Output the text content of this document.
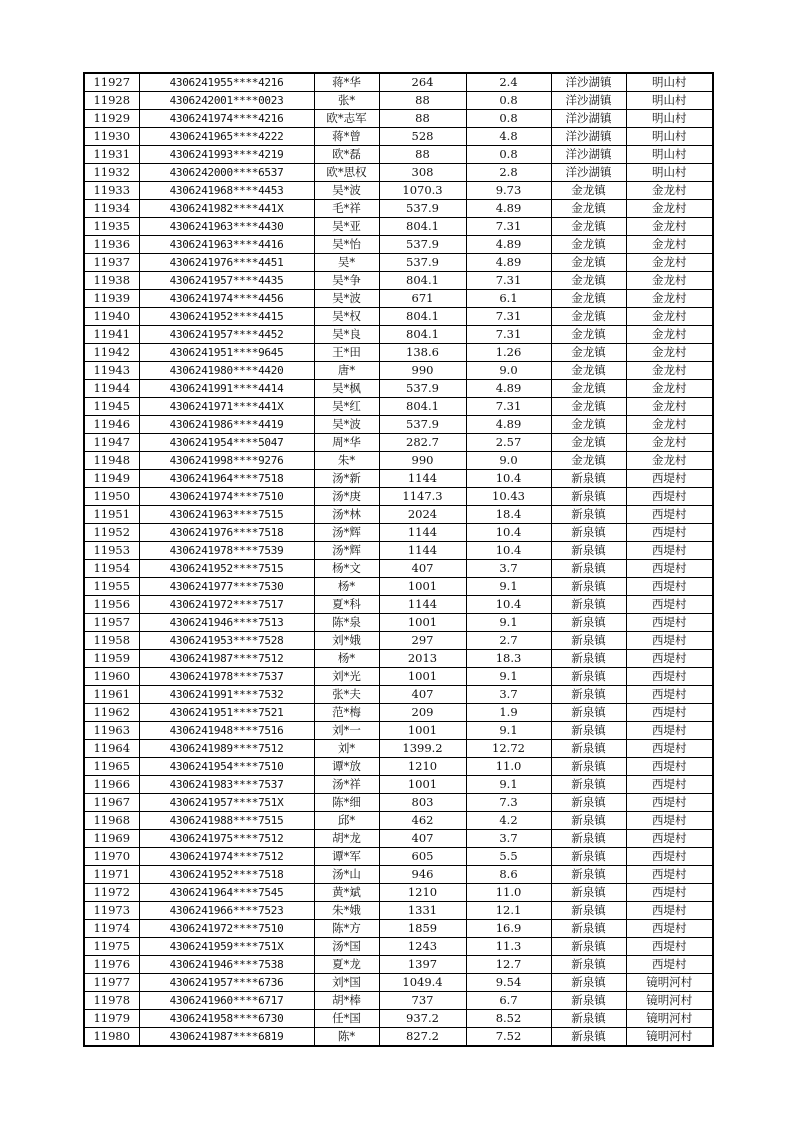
11927	4306241955****4216	蒋*华	264	2.4	洋沙湖镇	明山村
11928	4306242001****0023	张*	88	0.8	洋沙湖镇	明山村
11929	4306241974****4216	欧*志军	88	0.8	洋沙湖镇	明山村
11930	4306241965****4222	蒋*曾	528	4.8	洋沙湖镇	明山村
11931	4306241993****4219	欧*磊	88	0.8	洋沙湖镇	明山村
11932	4306242000****6537	欧*思权	308	2.8	洋沙湖镇	明山村
11933	4306241968****4453	吴*波	1070.3	9.73	金龙镇	金龙村
11934	4306241982****441X	毛*祥	537.9	4.89	金龙镇	金龙村
11935	4306241963****4430	吴*亚	804.1	7.31	金龙镇	金龙村
11936	4306241963****4416	吴*怡	537.9	4.89	金龙镇	金龙村
11937	4306241976****4451	吴*	537.9	4.89	金龙镇	金龙村
11938	4306241957****4435	吴*争	804.1	7.31	金龙镇	金龙村
11939	4306241974****4456	吴*波	671	6.1	金龙镇	金龙村
11940	4306241952****4415	吴*权	804.1	7.31	金龙镇	金龙村
11941	4306241957****4452	吴*良	804.1	7.31	金龙镇	金龙村
11942	4306241951****9645	王*田	138.6	1.26	金龙镇	金龙村
11943	4306241980****4420	唐*	990	9.0	金龙镇	金龙村
11944	4306241991****4414	吴*枫	537.9	4.89	金龙镇	金龙村
11945	4306241971****441X	吴*红	804.1	7.31	金龙镇	金龙村
11946	4306241986****4419	吴*波	537.9	4.89	金龙镇	金龙村
11947	4306241954****5047	周*华	282.7	2.57	金龙镇	金龙村
11948	4306241998****9276	朱*	990	9.0	金龙镇	金龙村
11949	4306241964****7518	汤*新	1144	10.4	新泉镇	西堤村
11950	4306241974****7510	汤*庚	1147.3	10.43	新泉镇	西堤村
11951	4306241963****7515	汤*林	2024	18.4	新泉镇	西堤村
11952	4306241976****7518	汤*辉	1144	10.4	新泉镇	西堤村
11953	4306241978****7539	汤*辉	1144	10.4	新泉镇	西堤村
11954	4306241952****7515	杨*文	407	3.7	新泉镇	西堤村
11955	4306241977****7530	杨*	1001	9.1	新泉镇	西堤村
11956	4306241972****7517	夏*科	1144	10.4	新泉镇	西堤村
11957	4306241946****7513	陈*泉	1001	9.1	新泉镇	西堤村
11958	4306241953****7528	刘*娥	297	2.7	新泉镇	西堤村
11959	4306241987****7512	杨*	2013	18.3	新泉镇	西堤村
11960	4306241978****7537	刘*光	1001	9.1	新泉镇	西堤村
11961	4306241991****7532	张*夫	407	3.7	新泉镇	西堤村
11962	4306241951****7521	范*梅	209	1.9	新泉镇	西堤村
11963	4306241948****7516	刘*一	1001	9.1	新泉镇	西堤村
11964	4306241989****7512	刘*	1399.2	12.72	新泉镇	西堤村
11965	4306241954****7510	谭*放	1210	11.0	新泉镇	西堤村
11966	4306241983****7537	汤*祥	1001	9.1	新泉镇	西堤村
11967	4306241957****751X	陈*细	803	7.3	新泉镇	西堤村
11968	4306241988****7515	邱*	462	4.2	新泉镇	西堤村
11969	4306241975****7512	胡*龙	407	3.7	新泉镇	西堤村
11970	4306241974****7512	谭*军	605	5.5	新泉镇	西堤村
11971	4306241952****7518	汤*山	946	8.6	新泉镇	西堤村
11972	4306241964****7545	黄*斌	1210	11.0	新泉镇	西堤村
11973	4306241966****7523	朱*娥	1331	12.1	新泉镇	西堤村
11974	4306241972****7510	陈*方	1859	16.9	新泉镇	西堤村
11975	4306241959****751X	汤*国	1243	11.3	新泉镇	西堤村
11976	4306241946****7538	夏*龙	1397	12.7	新泉镇	西堤村
11977	4306241957****6736	刘*国	1049.4	9.54	新泉镇	镜明河村
11978	4306241960****6717	胡*棒	737	6.7	新泉镇	镜明河村
11979	4306241958****6730	任*国	937.2	8.52	新泉镇	镜明河村
11980	4306241987****6819	陈*	827.2	7.52	新泉镇	镜明河村
